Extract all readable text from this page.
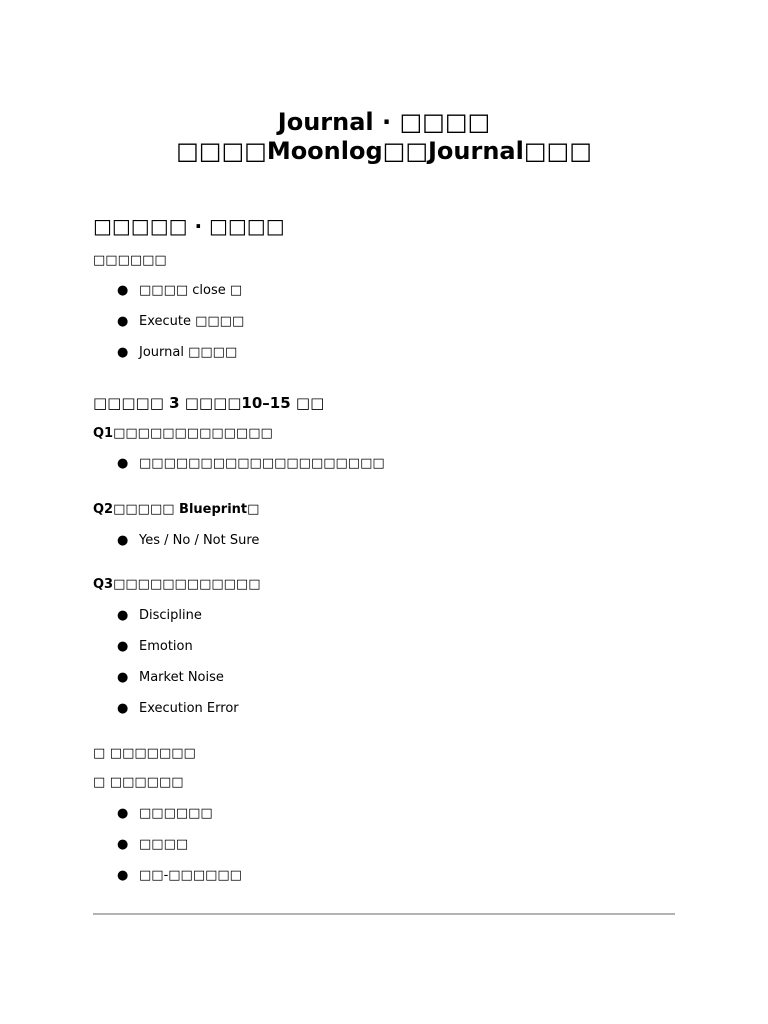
Journal · □□□□

□□□□Moonlog□□Journal□□□

□□□□□ · □□□□

□□□□□□

● □□□□ close □
● Execute □□□□
● Journal □□□□
□□□□□ 3 □□□□10–15 □□

Q1□□□□□□□□□□□□□

● □□□□□□□□□□□□□□□□□□□□

Q2□□□□□ Blueprint□

● Yes / No / Not Sure

Q3□□□□□□□□□□□□

● Discipline
● Emotion
● Market Noise
● Execution Error

□ □□□□□□□

□ □□□□□□

● □□□□□□
● □□□□
● □□-□□□□□□
